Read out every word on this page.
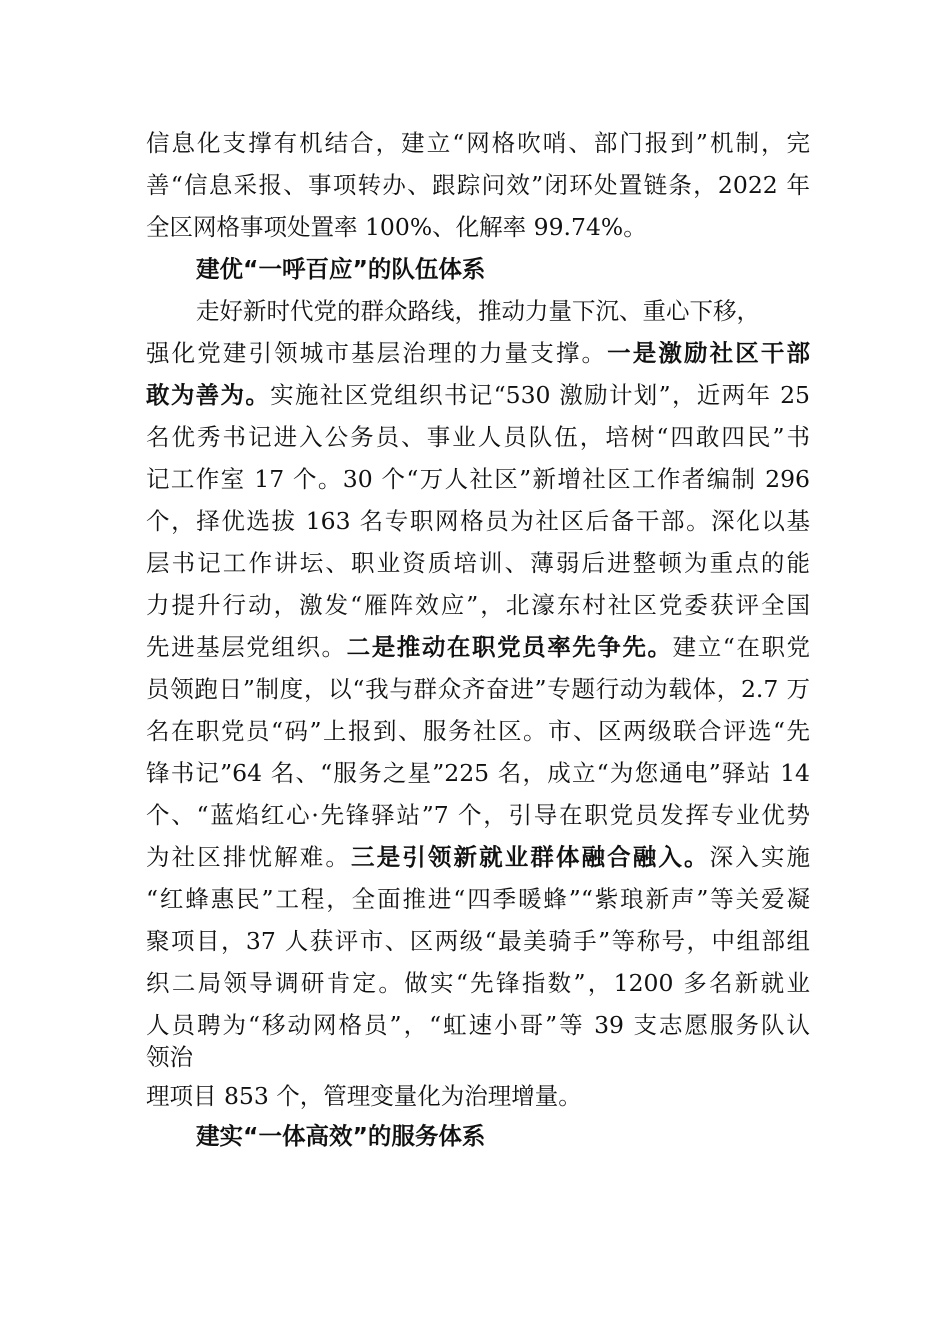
信息化支撑有机结合，建立“网格吹哨、部门报到”机制，完
善“信息采报、事项转办、跟踪问效”闭环处置链条，2022 年
全区网格事项处置率 100%、化解率 99.74%。
建优“一呼百应”的队伍体系
走好新时代党的群众路线，推动力量下沉、重心下移，
强化党建引领城市基层治理的力量支撑。一是激励社区干部
敢为善为。实施社区党组织书记“530 激励计划”，近两年 25
名优秀书记进入公务员、事业人员队伍，培树“四敢四民”书
记工作室 17 个。30 个“万人社区”新增社区工作者编制 296
个，择优选拔 163 名专职网格员为社区后备干部。深化以基
层书记工作讲坛、职业资质培训、薄弱后进整顿为重点的能
力提升行动，激发“雁阵效应”，北濠东村社区党委获评全国
先进基层党组织。二是推动在职党员率先争先。建立“在职党
员领跑日”制度，以“我与群众齐奋进”专题行动为载体，2.7 万
名在职党员“码”上报到、服务社区。市、区两级联合评选“先
锋书记”64 名、“服务之星”225 名，成立“为您通电”驿站 14
个、“蓝焰红心·先锋驿站”7 个，引导在职党员发挥专业优势
为社区排忧解难。三是引领新就业群体融合融入。深入实施
“红蜂惠民”工程，全面推进“四季暖蜂”“紫琅新声”等关爱凝
聚项目，37 人获评市、区两级“最美骑手”等称号，中组部组
织二局领导调研肯定。做实“先锋指数”，1200 多名新就业
人员聘为“移动网格员”，“虹速小哥”等 39 支志愿服务队认
领治
理项目 853 个，管理变量化为治理增量。
建实“一体高效”的服务体系
